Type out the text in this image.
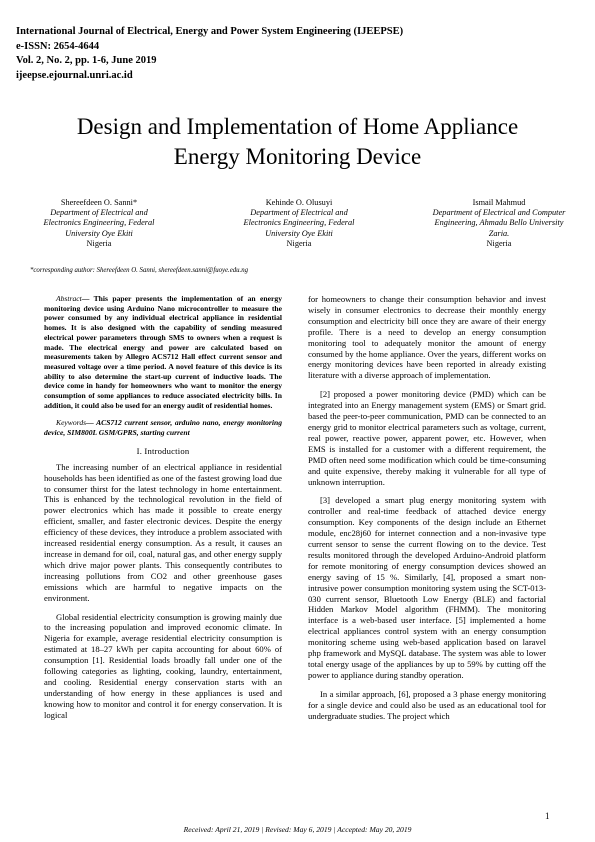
International Journal of Electrical, Energy and Power System Engineering (IJEEPSE)
e-ISSN: 2654-4644
Vol. 2, No. 2, pp. 1-6, June 2019
ijeepse.ejournal.unri.ac.id
Design and Implementation of Home Appliance
Energy Monitoring Device
Shereefdeen O. Sanni*
Department of Electrical and
Electronics Engineering, Federal
University Oye Ekiti
Nigeria
Kehinde O. Olusuyi
Department of Electrical and
Electronics Engineering, Federal
University Oye Ekiti
Nigeria
Ismail Mahmud
Department of Electrical and Computer
Engineering, Ahmadu Bello University
Zaria.
Nigeria
*corresponding author: Shereefdeen O. Sanni, shereefdeen.sanni@fuoye.edu.ng

Abstract— This paper presents the implementation of an energy monitoring device using Arduino Nano microcontroller to measure the power consumed by any individual electrical appliance in residential homes. It is also designed with the capability of sending measured electrical power parameters through SMS to owners when a request is made. The electrical energy and power are calculated based on measurements taken by Allegro ACS712 Hall effect current sensor and measured voltage over a time period. A novel feature of this device is its ability to also determine the start-up current of inductive loads. The device come in handy for homeowners who want to monitor the energy consumption of some appliances to reduce associated electricity bills. In addition, it could also be used for an energy audit of residential homes.

Keywords— ACS712 current sensor, arduino nano, energy monitoring device, SIM800L GSM/GPRS, starting current

I. Introduction

The increasing number of an electrical appliance in residential households has been identified as one of the fastest growing load due to consumer thirst for the latest technology in home entertainment. This is enhanced by the technological revolution in the field of power electronics which has made it possible to create energy efficient, smaller, and faster electronic devices. Despite the energy efficiency of these devices, they introduce a problem associated with increased residential energy consumption. As a result, it causes an increase in demand for oil, coal, natural gas, and other energy supply which drive major power plants. This consequently contributes to increasing pollutions from CO2 and other greenhouse gases emissions which are harmful to negative impacts on the environment.

Global residential electricity consumption is growing mainly due to the increasing population and improved economic climate. In Nigeria for example, average residential electricity consumption is estimated at 18–27 kWh per capita accounting for about 60% of consumption [1]. Residential loads broadly fall under one of the following categories as lighting, cooking, laundry, entertainment, and cooling. Residential energy conservation starts with an understanding of how energy in these appliances is used and knowing how to monitor and control it for energy conservation. It is logical

for homeowners to change their consumption behavior and invest wisely in consumer electronics to decrease their monthly energy consumption and electricity bill once they are aware of their energy profile. There is a need to develop an energy consumption monitoring tool to adequately monitor the amount of energy consumed by the home appliance. Over the years, different works on energy monitoring devices have been reported in already existing literature with a diverse approach of implementation.

[2] proposed a power monitoring device (PMD) which can be integrated into an Energy management system (EMS) or Smart grid. based the peer-to-peer communication, PMD can be connected to an energy grid to monitor electrical parameters such as voltage, current, real power, reactive power, apparent power, etc. However, when EMS is installed for a customer with a different requirement, the PMD often need some modification which could be time-consuming and quite expensive, thereby making it vulnerable for all type of unknown interruption.

[3] developed a smart plug energy monitoring system with controller and real-time feedback of attached device energy consumption. Key components of the design include an Ethernet module, enc28j60 for internet connection and a non-invasive type current sensor to sense the current flowing on to the device. Test results monitored through the developed Arduino-Android platform for remote monitoring of energy consumption devices showed an energy saving of 15 %. Similarly, [4], proposed a smart non-intrusive power consumption monitoring system using the SCT-013-030 current sensor, Bluetooth Low Energy (BLE) and factorial Hidden Markov Model algorithm (FHMM). The monitoring interface is a web-based user interface. [5] implemented a home electrical appliances control system with an energy consumption monitoring scheme using web-based application based on laravel php framework and MySQL database. The system was able to lower total energy usage of the appliances by up to 59% by cutting off the power to appliance during standby operation.

In a similar approach, [6], proposed a 3 phase energy monitoring for a single device and could also be used as an educational tool for undergraduate studies. The project which

1
Received: April 21, 2019 | Revised: May 6, 2019 | Accepted: May 20, 2019
